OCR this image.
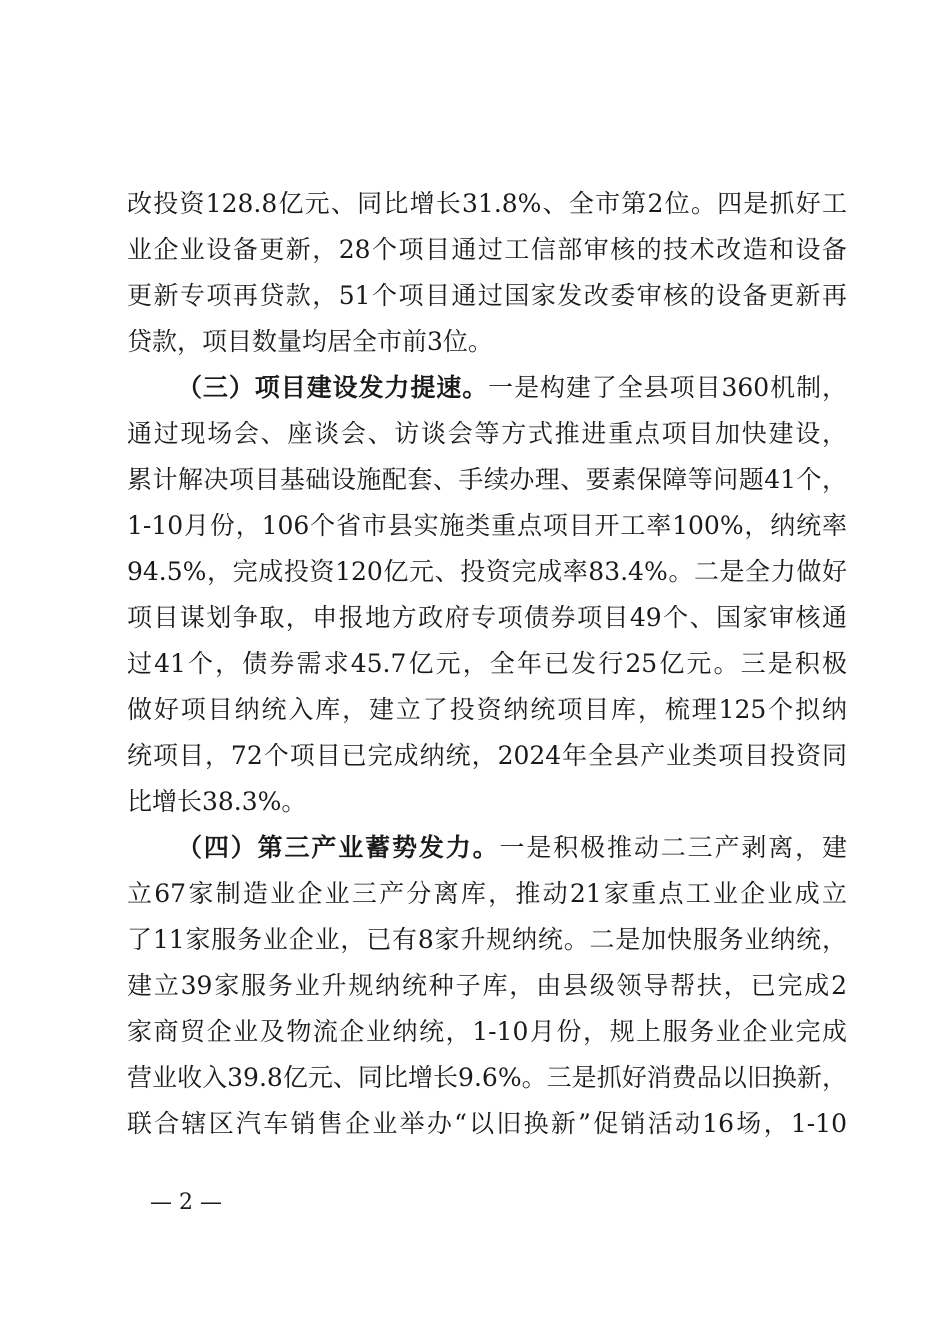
改投资128.8亿元、同比增长31.8%、全市第2位。四是抓好工
业企业设备更新，28个项目通过工信部审核的技术改造和设备
更新专项再贷款，51个项目通过国家发改委审核的设备更新再
贷款，项目数量均居全市前3位。
（三）项目建设发力提速。一是构建了全县项目360机制，
通过现场会、座谈会、访谈会等方式推进重点项目加快建设，
累计解决项目基础设施配套、手续办理、要素保障等问题41个，
1-10月份，106个省市县实施类重点项目开工率100%，纳统率
94.5%，完成投资120亿元、投资完成率83.4%。二是全力做好
项目谋划争取，申报地方政府专项债券项目49个、国家审核通
过41个，债券需求45.7亿元，全年已发行25亿元。三是积极
做好项目纳统入库，建立了投资纳统项目库，梳理125个拟纳
统项目，72个项目已完成纳统，2024年全县产业类项目投资同
比增长38.3%。
（四）第三产业蓄势发力。一是积极推动二三产剥离，建
立67家制造业企业三产分离库，推动21家重点工业企业成立
了11家服务业企业，已有8家升规纳统。二是加快服务业纳统，
建立39家服务业升规纳统种子库，由县级领导帮扶，已完成2
家商贸企业及物流企业纳统，1-10月份，规上服务业企业完成
营业收入39.8亿元、同比增长9.6%。三是抓好消费品以旧换新，
联合辖区汽车销售企业举办“以旧换新”促销活动16场，1-10
— 2 —
